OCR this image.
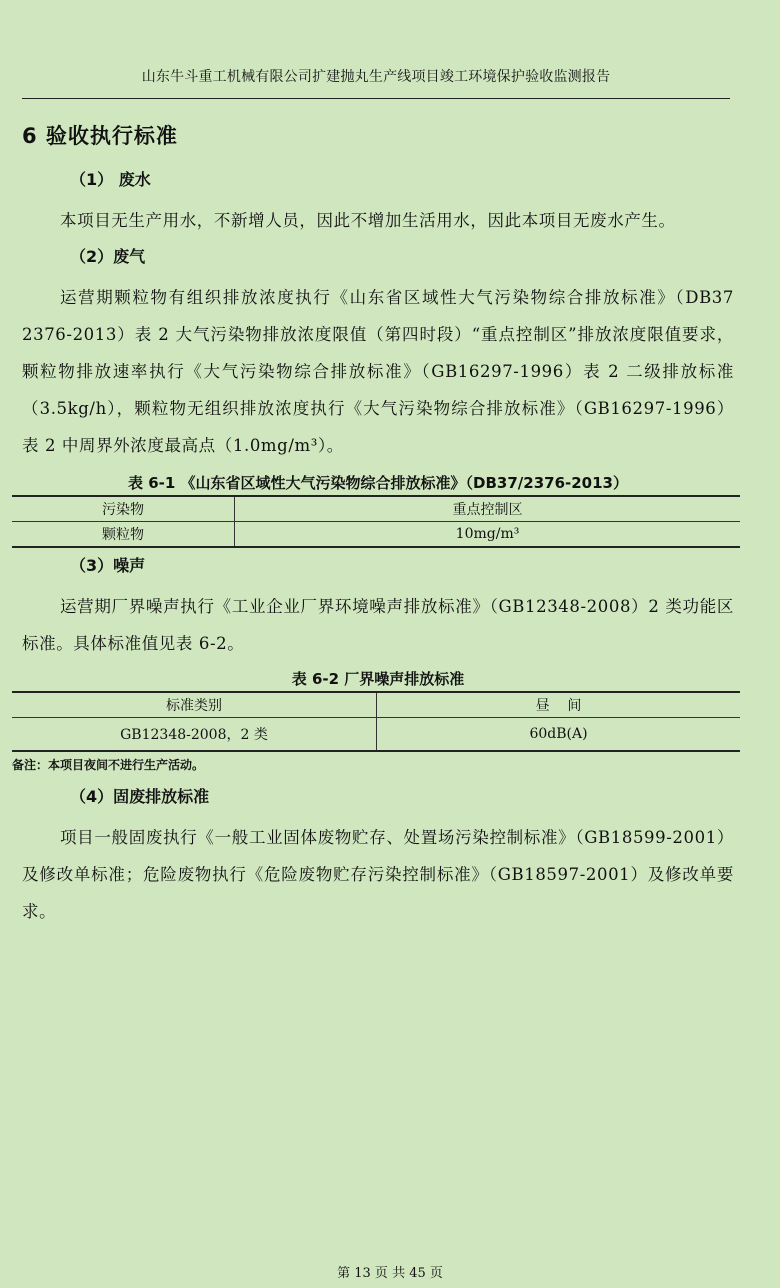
山东牛斗重工机械有限公司扩建抛丸生产线项目竣工环境保护验收监测报告
6 验收执行标准
（1） 废水

本项目无生产用水，不新增人员，因此不增加生活用水，因此本项目无废水产生。

（2）废气

运营期颗粒物有组织排放浓度执行《山东省区域性大气污染物综合排放标准》（DB37 2376-2013）表 2 大气污染物排放浓度限值（第四时段）“重点控制区”排放浓度限值要求，颗粒物排放速率执行《大气污染物综合排放标准》（GB16297-1996）表 2 二级排放标准（3.5kg/h），颗粒物无组织排放浓度执行《大气污染物综合排放标准》（GB16297-1996）表 2 中周界外浓度最高点（1.0mg/m³）。

表 6-1 《山东省区域性大气污染物综合排放标准》（DB37/2376-2013）
污染物	重点控制区
颗粒物	10mg/m³
（3）噪声

运营期厂界噪声执行《工业企业厂界环境噪声排放标准》（GB12348-2008）2 类功能区标准。具体标准值见表 6-2。

表 6-2 厂界噪声排放标准
标准类别	昼    间
GB12348-2008，2 类	60dB(A)
备注：本项目夜间不进行生产活动。
（4）固废排放标准

项目一般固废执行《一般工业固体废物贮存、处置场污染控制标准》（GB18599-2001）及修改单标准；危险废物执行《危险废物贮存污染控制标准》（GB18597-2001）及修改单要求。

第 13 页 共 45 页
